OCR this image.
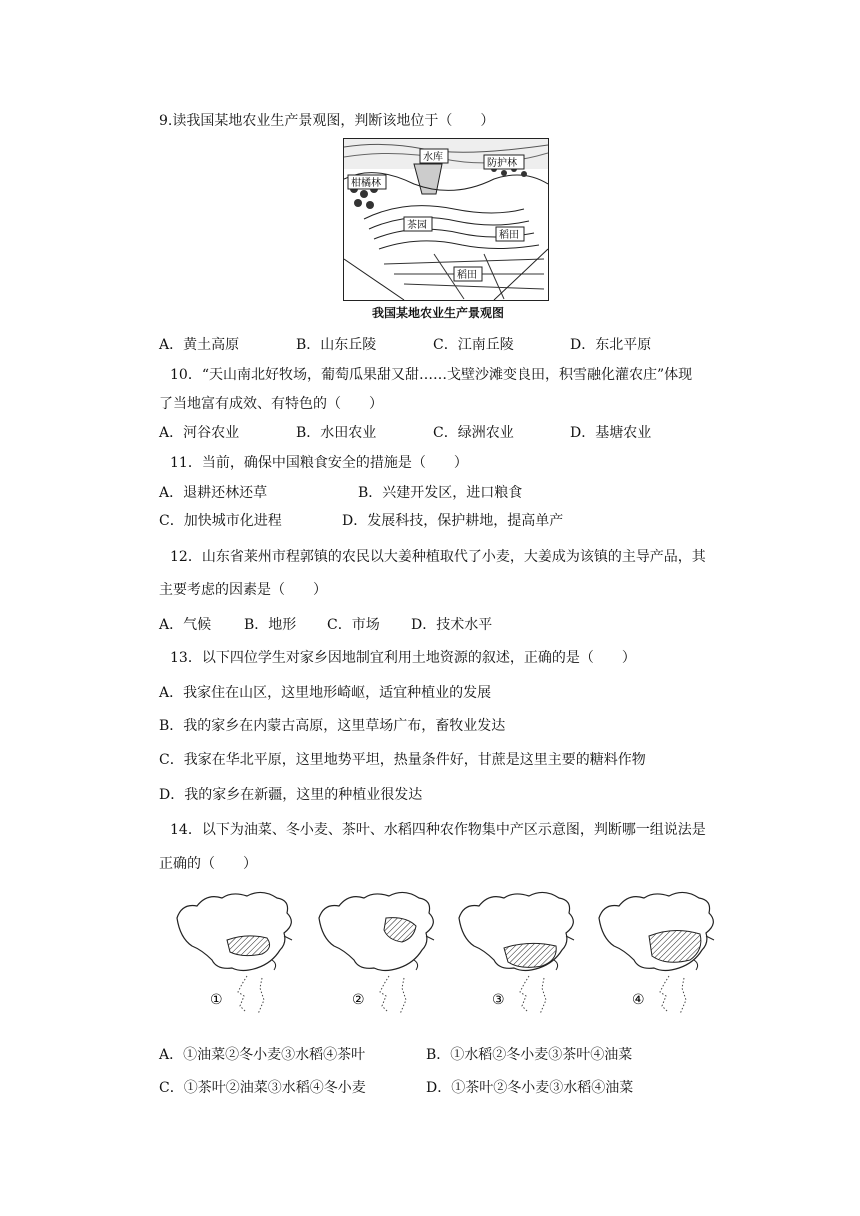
9.读我国某地农业生产景观图，判断该地位于（　　）
水库
防护林
柑橘林
茶园
稻田
稻田
我国某地农业生产景观图
A．黄土高原	B．山东丘陵	C．江南丘陵	D．东北平原
10．“天山南北好牧场，葡萄瓜果甜又甜……戈壁沙滩变良田，积雪融化灌农庄”体现
了当地富有成效、有特色的（　　）
A．河谷农业	B．水田农业	C．绿洲农业	D．基塘农业
11．当前，确保中国粮食安全的措施是（　　）
A．退耕还林还草	B．兴建开发区，进口粮食
C．加快城市化进程	D．发展科技，保护耕地，提高单产
12．山东省莱州市程郭镇的农民以大姜种植取代了小麦，大姜成为该镇的主导产品，其
主要考虑的因素是（　　）
A．气候 B．地形 C．市场 D．技术水平
13．以下四位学生对家乡因地制宜利用土地资源的叙述，正确的是（　　）
A．我家住在山区，这里地形崎岖，适宜种植业的发展
B．我的家乡在内蒙古高原，这里草场广布，畜牧业发达
C．我家在华北平原，这里地势平坦，热量条件好，甘蔗是这里主要的糖料作物
D．我的家乡在新疆，这里的种植业很发达
14．以下为油菜、冬小麦、茶叶、水稻四种农作物集中产区示意图，判断哪一组说法是
正确的（　　）
①	②	③	④
A．①油菜②冬小麦③水稻④茶叶	B．①水稻②冬小麦③茶叶④油菜
C．①茶叶②油菜③水稻④冬小麦	D．①茶叶②冬小麦③水稻④油菜
